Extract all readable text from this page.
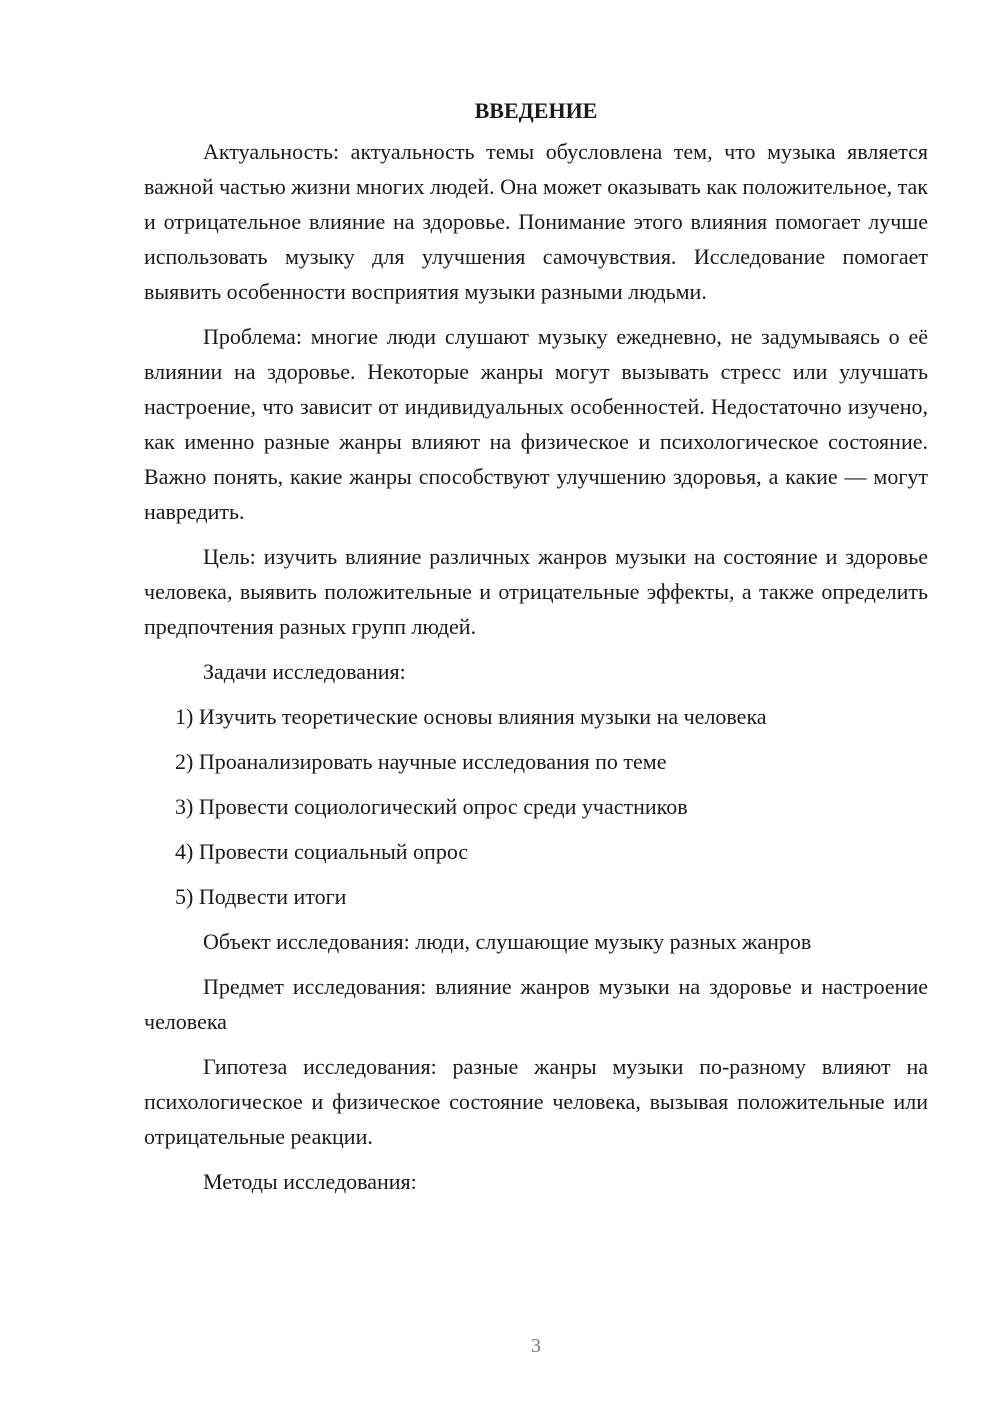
ВВЕДЕНИЕ

Актуальность: актуальность темы обусловлена тем, что музыка является важной частью жизни многих людей. Она может оказывать как положительное, так и отрицательное влияние на здоровье. Понимание этого влияния помогает лучше использовать музыку для улучшения самочувствия. Исследование помогает выявить особенности восприятия музыки разными людьми.

Проблема: многие люди слушают музыку ежедневно, не задумываясь о её влиянии на здоровье. Некоторые жанры могут вызывать стресс или улучшать настроение, что зависит от индивидуальных особенностей. Недостаточно изучено, как именно разные жанры влияют на физическое и психологическое состояние. Важно понять, какие жанры способствуют улучшению здоровья, а какие — могут навредить.

Цель: изучить влияние различных жанров музыки на состояние и здоровье человека, выявить положительные и отрицательные эффекты, а также определить предпочтения разных групп людей.

Задачи исследования:

1) Изучить теоретические основы влияния музыки на человека
2) Проанализировать научные исследования по теме
3) Провести социологический опрос среди участников
4) Провести социальный опрос
5) Подвести итоги

Объект исследования: люди, слушающие музыку разных жанров

Предмет исследования: влияние жанров музыки на здоровье и настроение человека

Гипотеза исследования: разные жанры музыки по-разному влияют на психологическое и физическое состояние человека, вызывая положительные или отрицательные реакции.

Методы исследования:

3
